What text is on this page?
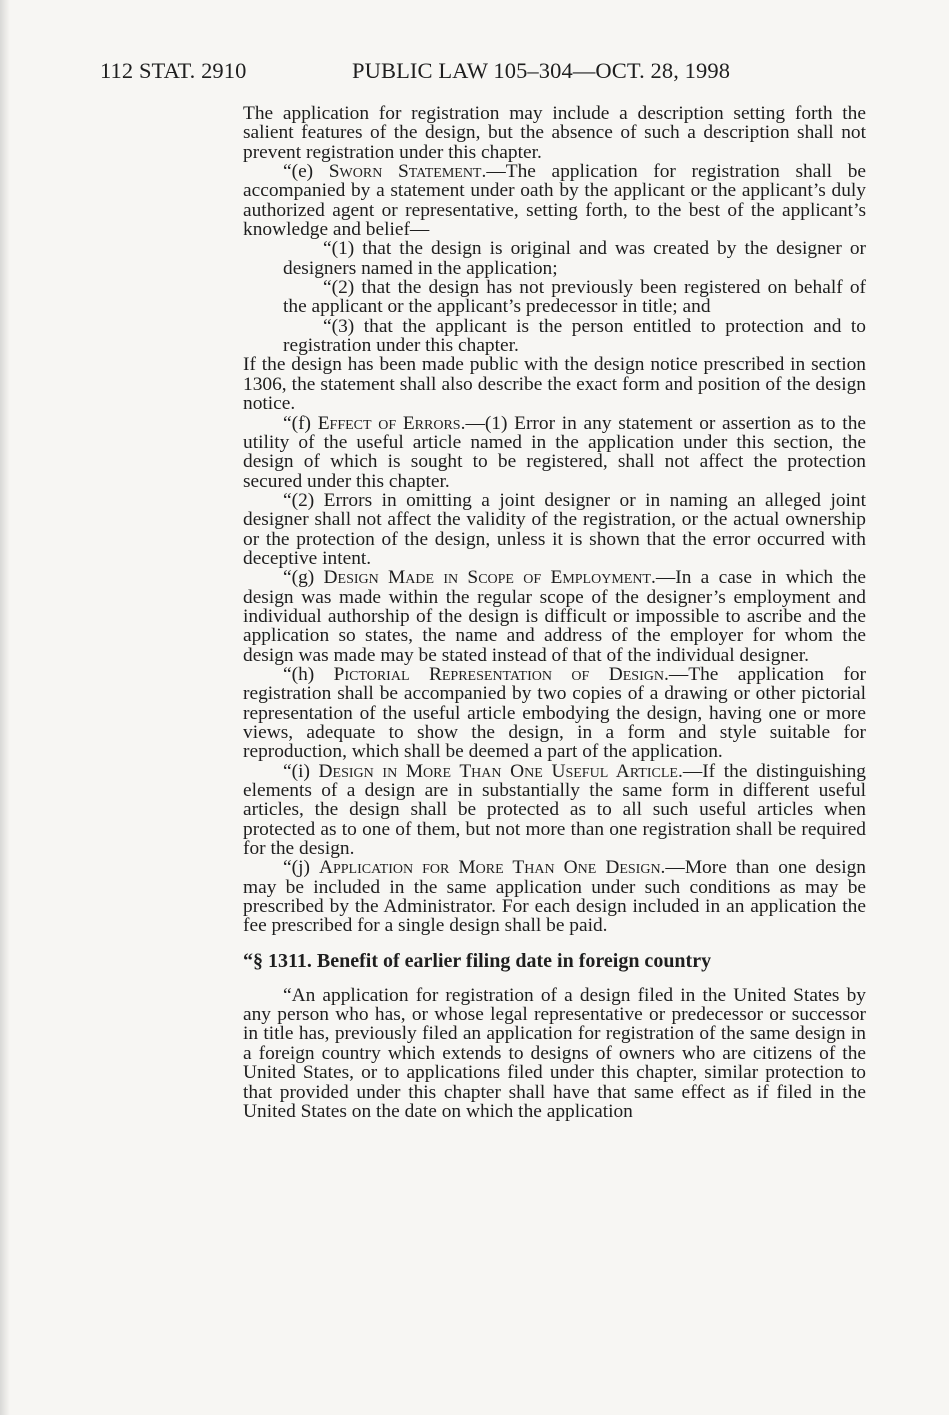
112 STAT. 2910	PUBLIC LAW 105–304—OCT. 28, 1998

The application for registration may include a description setting forth the salient features of the design, but the absence of such a description shall not prevent registration under this chapter.

“(e) Sworn Statement.—The application for registration shall be accompanied by a statement under oath by the applicant or the applicant’s duly authorized agent or representative, setting forth, to the best of the applicant’s knowledge and belief—

“(1) that the design is original and was created by the designer or designers named in the application;

“(2) that the design has not previously been registered on behalf of the applicant or the applicant’s predecessor in title; and

“(3) that the applicant is the person entitled to protection and to registration under this chapter.

If the design has been made public with the design notice prescribed in section 1306, the statement shall also describe the exact form and position of the design notice.

“(f) Effect of Errors.—(1) Error in any statement or assertion as to the utility of the useful article named in the application under this section, the design of which is sought to be registered, shall not affect the protection secured under this chapter.

“(2) Errors in omitting a joint designer or in naming an alleged joint designer shall not affect the validity of the registration, or the actual ownership or the protection of the design, unless it is shown that the error occurred with deceptive intent.

“(g) Design Made in Scope of Employment.—In a case in which the design was made within the regular scope of the designer’s employment and individual authorship of the design is difficult or impossible to ascribe and the application so states, the name and address of the employer for whom the design was made may be stated instead of that of the individual designer.

“(h) Pictorial Representation of Design.—The application for registration shall be accompanied by two copies of a drawing or other pictorial representation of the useful article embodying the design, having one or more views, adequate to show the design, in a form and style suitable for reproduction, which shall be deemed a part of the application.

“(i) Design in More Than One Useful Article.—If the distinguishing elements of a design are in substantially the same form in different useful articles, the design shall be protected as to all such useful articles when protected as to one of them, but not more than one registration shall be required for the design.

“(j) Application for More Than One Design.—More than one design may be included in the same application under such conditions as may be prescribed by the Administrator. For each design included in an application the fee prescribed for a single design shall be paid.

“§ 1311. Benefit of earlier filing date in foreign country

“An application for registration of a design filed in the United States by any person who has, or whose legal representative or predecessor or successor in title has, previously filed an application for registration of the same design in a foreign country which extends to designs of owners who are citizens of the United States, or to applications filed under this chapter, similar protection to that provided under this chapter shall have that same effect as if filed in the United States on the date on which the application
